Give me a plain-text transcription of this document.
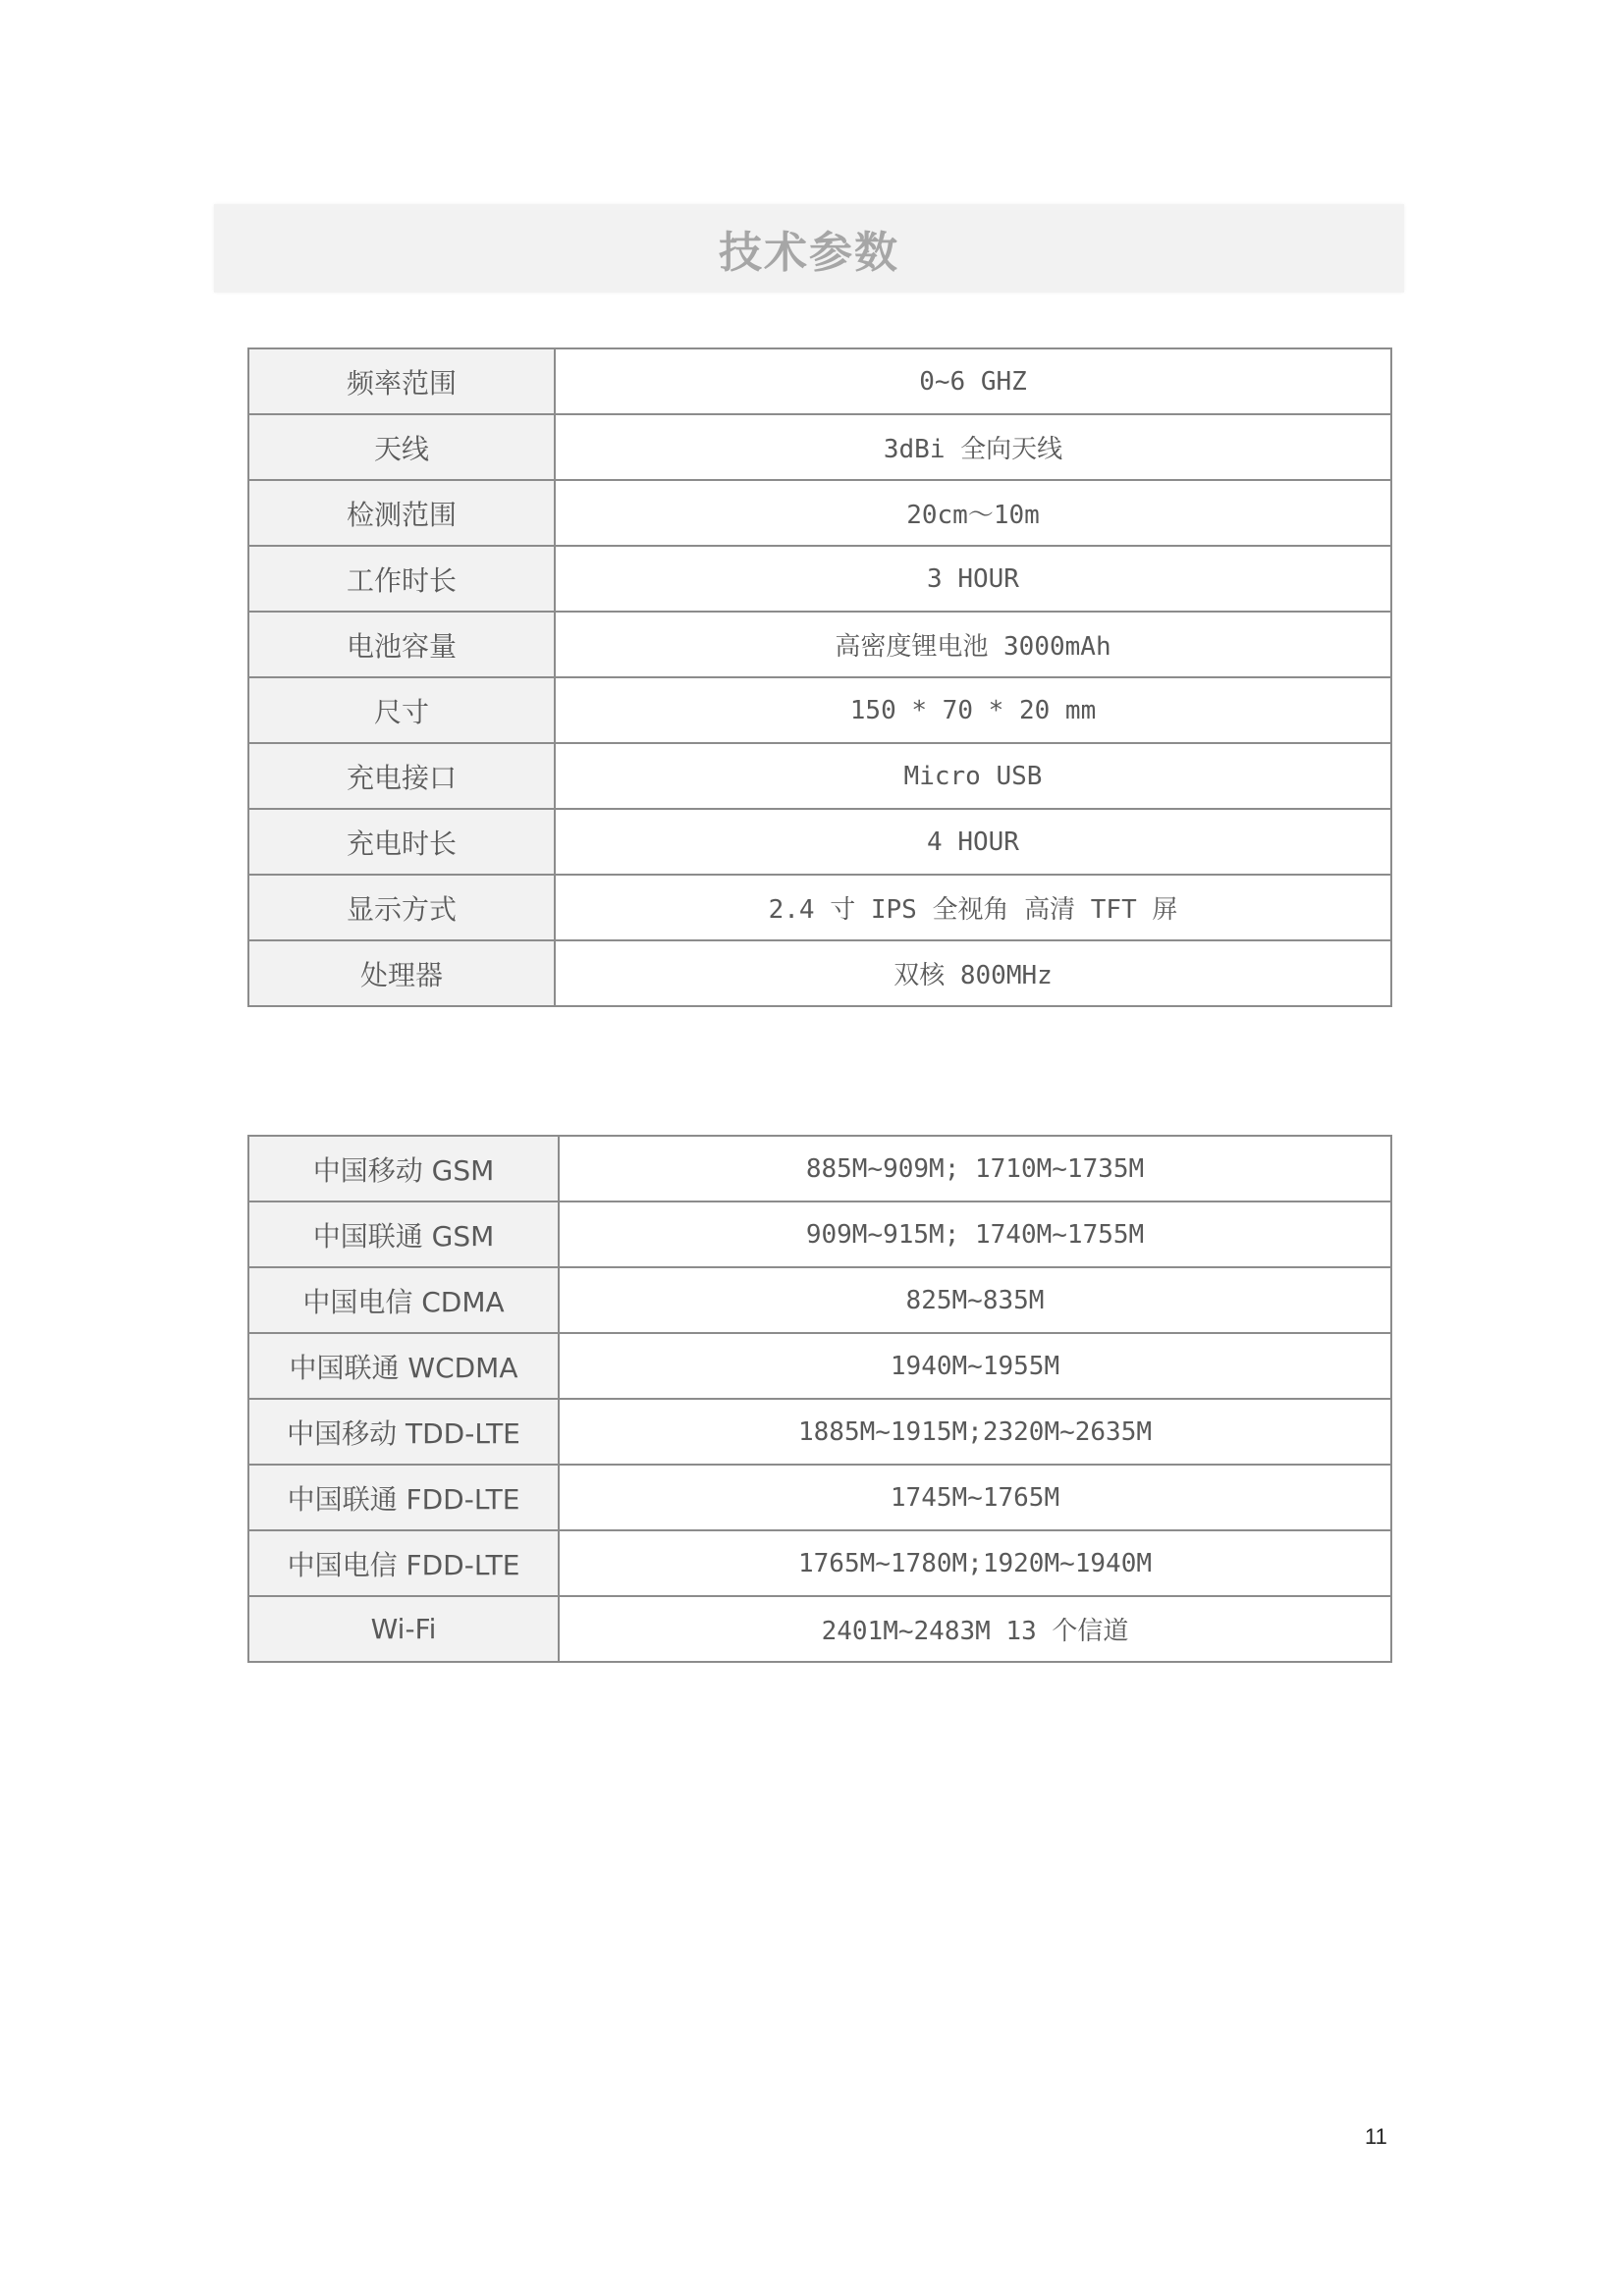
技术参数
频率范围	0~6 GHZ
天线	3dBi 全向天线
检测范围	20cm～10m
工作时长	3 HOUR
电池容量	高密度锂电池 3000mAh
尺寸	150 * 70 * 20 mm
充电接口	Micro USB
充电时长	4 HOUR
显示方式	2.4 寸 IPS 全视角 高清 TFT 屏
处理器	双核 800MHz
中国移动 GSM	885M~909M; 1710M~1735M
中国联通 GSM	909M~915M; 1740M~1755M
中国电信 CDMA	825M~835M
中国联通 WCDMA	1940M~1955M
中国移动 TDD-LTE	1885M~1915M;2320M~2635M
中国联通 FDD-LTE	1745M~1765M
中国电信 FDD-LTE	1765M~1780M;1920M~1940M
Wi-Fi	2401M~2483M 13 个信道
11
